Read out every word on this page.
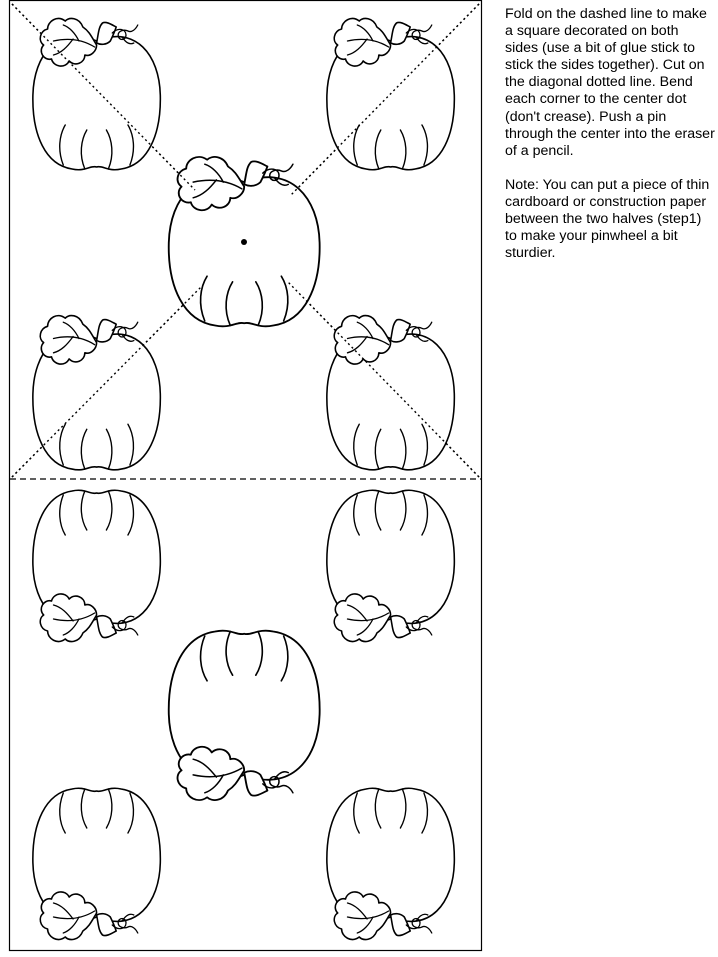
Fold on the dashed line to make a square decorated on both sides (use a bit of glue stick to stick the sides together). Cut on the diagonal dotted line. Bend each corner to the center dot (don't crease). Push a pin through the center into the eraser of a pencil.

Note: You can put a piece of thin cardboard or construction paper between the two halves (step1) to make your pinwheel a bit sturdier.
